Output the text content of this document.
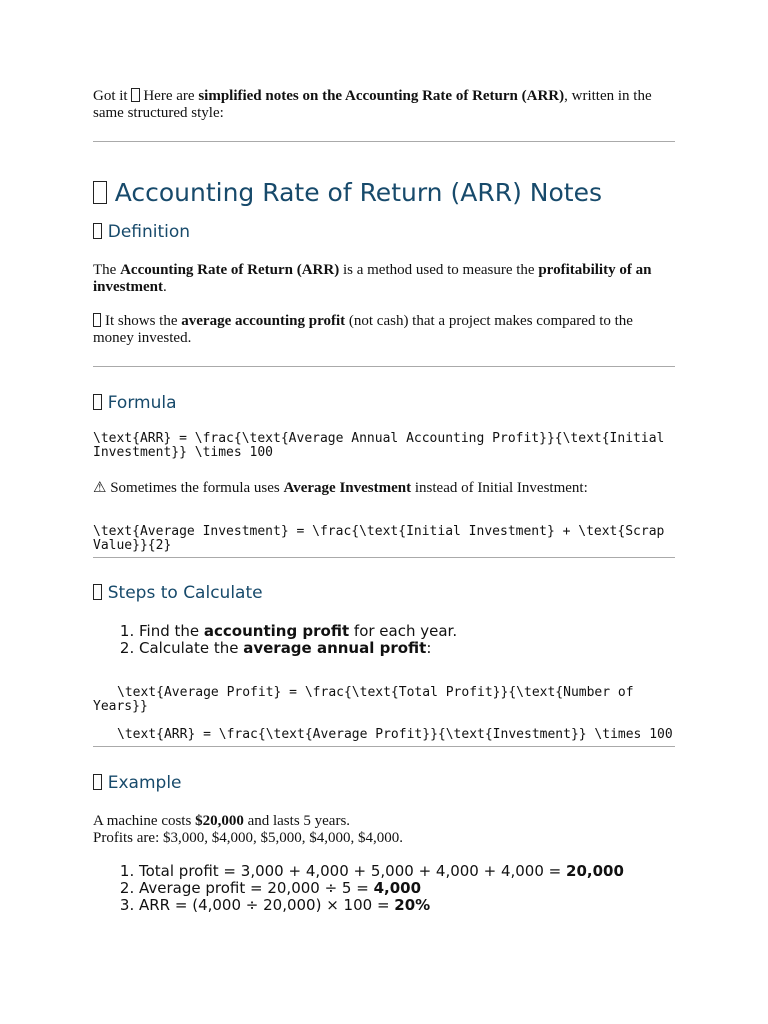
Got it  Here are simplified notes on the Accounting Rate of Return (ARR), written in the same structured style:
Accounting Rate of Return (ARR) Notes
Definition
The Accounting Rate of Return (ARR) is a method used to measure the profitability of an investment.
It shows the average accounting profit (not cash) that a project makes compared to the money invested.
Formula
\text{ARR} = \frac{\text{Average Annual Accounting Profit}}{\text{Initial Investment}} \times 100
⚠ Sometimes the formula uses Average Investment instead of Initial Investment:
\text{Average Investment} = \frac{\text{Initial Investment} + \text{Scrap Value}}{2}
Steps to Calculate
1. Find the accounting profit for each year.
2. Calculate the average annual profit:
\text{Average Profit} = \frac{\text{Total Profit}}{\text{Number of Years}}
\text{ARR} = \frac{\text{Average Profit}}{\text{Investment}} \times 100
Example
A machine costs $20,000 and lasts 5 years.
Profits are: $3,000, $4,000, $5,000, $4,000, $4,000.
1. Total profit = 3,000 + 4,000 + 5,000 + 4,000 + 4,000 = 20,000
2. Average profit = 20,000 ÷ 5 = 4,000
3. ARR = (4,000 ÷ 20,000) × 100 = 20%
